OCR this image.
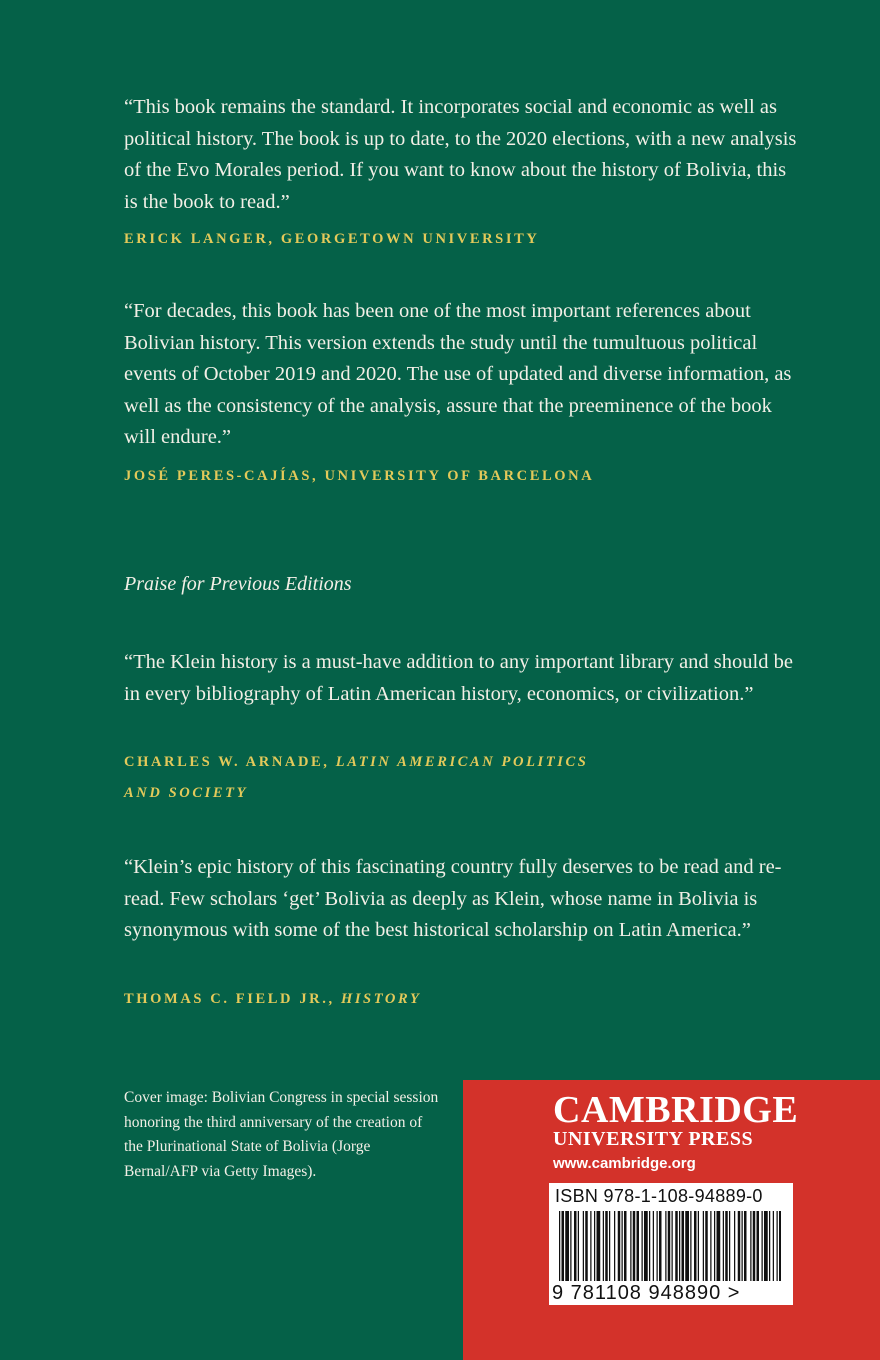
“This book remains the standard. It incorporates social and economic as well as political history. The book is up to date, to the 2020 elections, with a new analysis of the Evo Morales period. If you want to know about the history of Bolivia, this is the book to read.”

ERICK LANGER, GEORGETOWN UNIVERSITY

“For decades, this book has been one of the most important references about Bolivian history. This version extends the study until the tumultuous political events of October 2019 and 2020. The use of updated and diverse information, as well as the consistency of the analysis, assure that the preeminence of the book will endure.”

JOSÉ PERES-CAJÍAS, UNIVERSITY OF BARCELONA
Praise for Previous Editions

“The Klein history is a must-have addition to any important library and should be in every bibliography of Latin American history, economics, or civilization.”

CHARLES W. ARNADE, LATIN AMERICAN POLITICS
AND SOCIETY

“Klein’s epic history of this fascinating country fully deserves to be read and re-read. Few scholars ‘get’ Bolivia as deeply as Klein, whose name in Bolivia is synonymous with some of the best historical scholarship on Latin America.”

THOMAS C. FIELD JR., HISTORY
Cover image: Bolivian Congress in special session honoring the third anniversary of the creation of the Plurinational State of Bolivia (Jorge Bernal/AFP via Getty Images).
CAMBRIDGE
UNIVERSITY PRESS
www.cambridge.org
ISBN 978-1-108-94889-0
9 781108 948890 >
